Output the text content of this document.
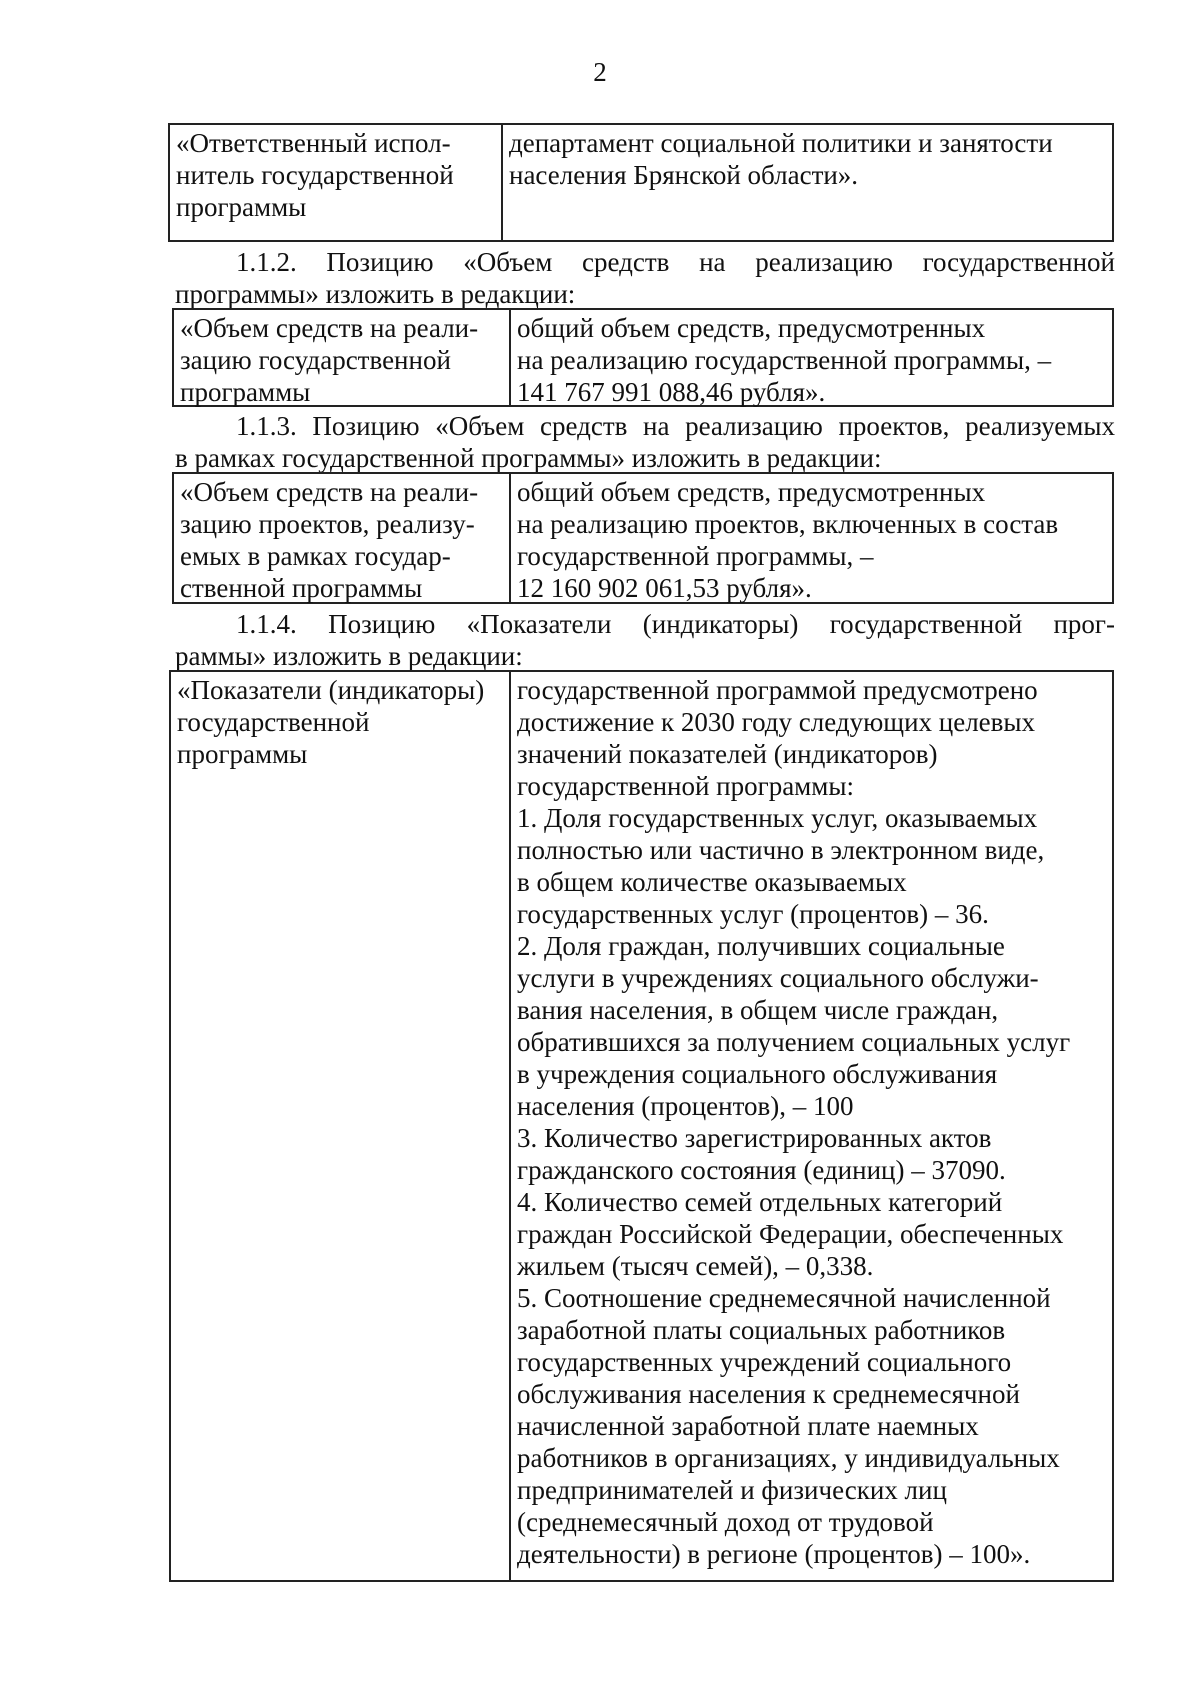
2
«Ответственный испол-
нитель государственной
программы
департамент социальной политики и занятости
населения Брянской области».
1.1.2. Позицию «Объем средств на реализацию государственной
программы» изложить в редакции:
«Объем средств на реали-
зацию государственной
программы
общий объем средств, предусмотренных
на реализацию государственной программы, –
141 767 991 088,46 рубля».
1.1.3. Позицию «Объем средств на реализацию проектов, реализуемых
в рамках государственной программы» изложить в редакции:
«Объем средств на реали-
зацию проектов, реализу-
емых в рамках государ-
ственной программы
общий объем средств, предусмотренных
на реализацию проектов, включенных в состав
государственной программы, –
12 160 902 061,53 рубля».
1.1.4. Позицию «Показатели (индикаторы) государственной прог-
раммы» изложить в редакции:
«Показатели (индикаторы)
государственной
программы
государственной программой предусмотрено
достижение к 2030 году следующих целевых
значений показателей (индикаторов)
государственной программы:
1. Доля государственных услуг, оказываемых
полностью или частично в электронном виде,
в общем количестве оказываемых
государственных услуг (процентов) – 36.
2. Доля граждан, получивших социальные
услуги в учреждениях социального обслужи-
вания населения, в общем числе граждан,
обратившихся за получением социальных услуг
в учреждения социального обслуживания
населения (процентов), – 100
3. Количество зарегистрированных актов
гражданского состояния (единиц) – 37090.
4. Количество семей отдельных категорий
граждан Российской Федерации, обеспеченных
жильем (тысяч семей), – 0,338.
5. Соотношение среднемесячной начисленной
заработной платы социальных работников
государственных учреждений социального
обслуживания населения к среднемесячной
начисленной заработной плате наемных
работников в организациях, у индивидуальных
предпринимателей и физических лиц
(среднемесячный доход от трудовой
деятельности) в регионе (процентов) – 100».
